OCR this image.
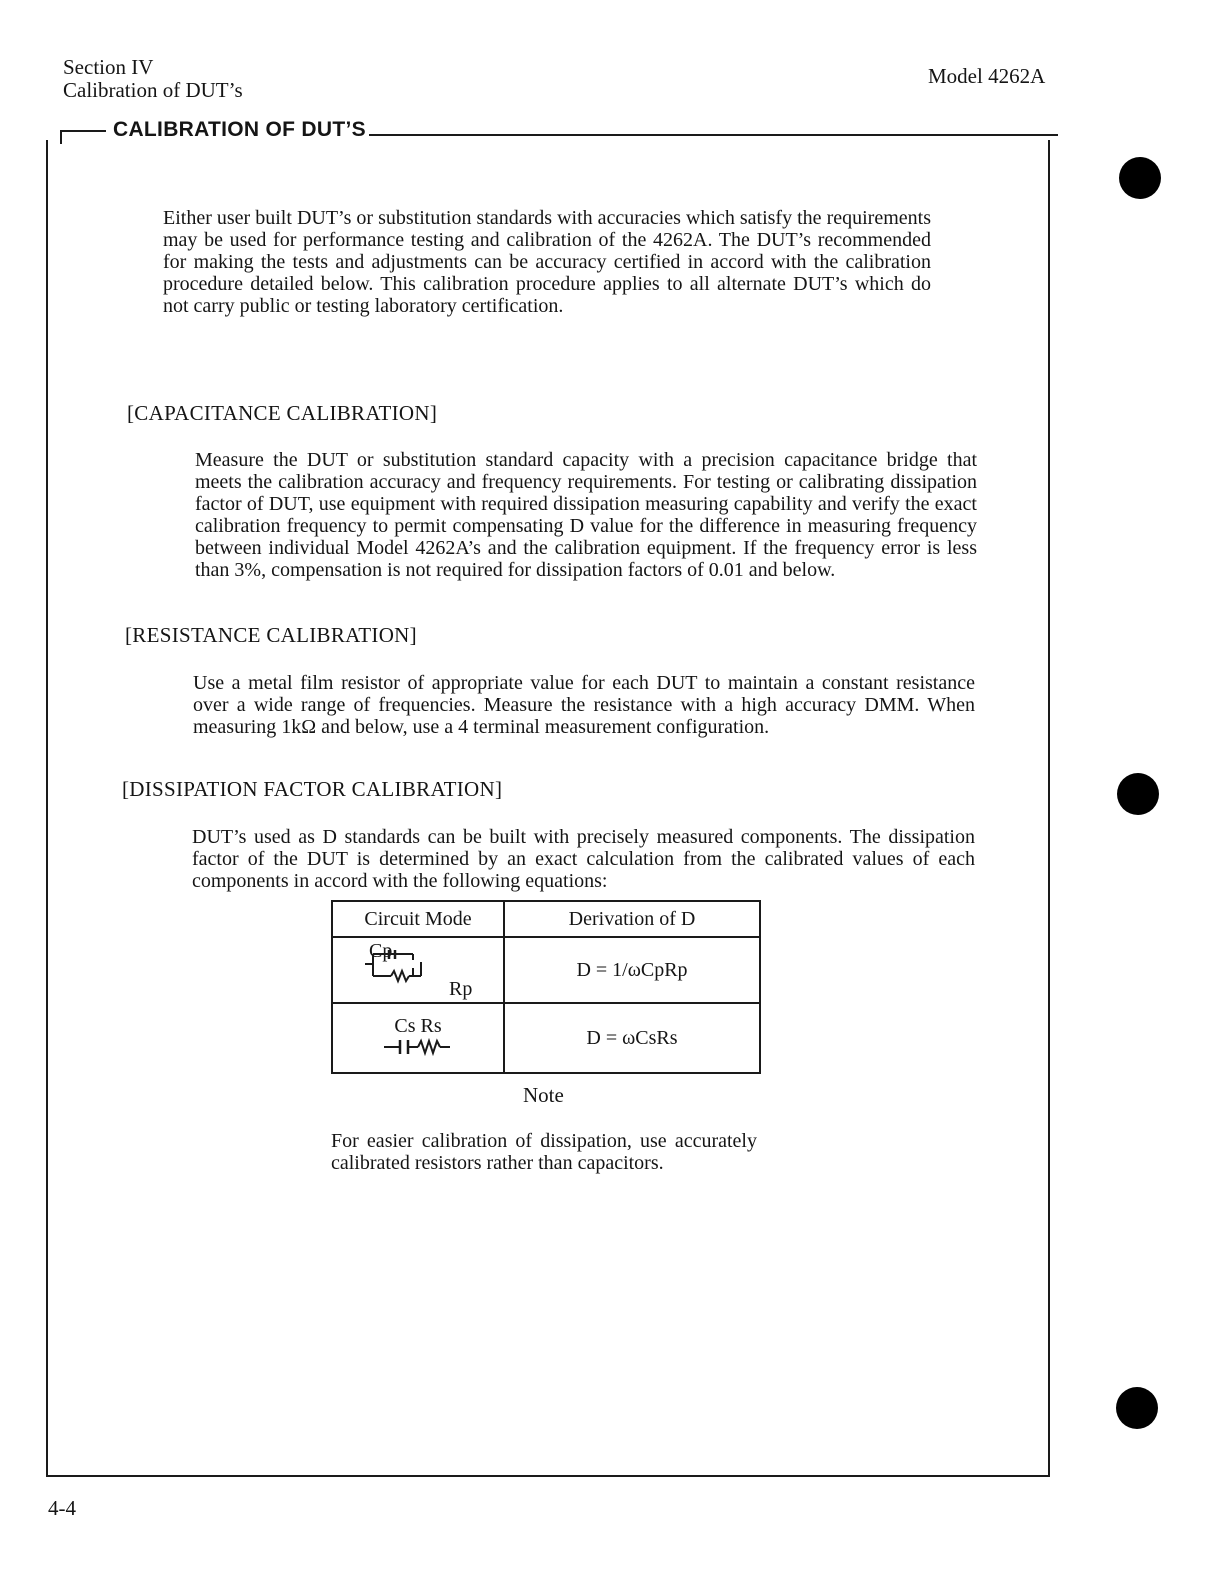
Section IV
Calibration of DUT’s
Model 4262A
CALIBRATION OF DUT’S
Either user built DUT’s or substitution standards with accuracies which satisfy the requirements may be used for performance testing and calibration of the 4262A. The DUT’s recommended for making the tests and adjustments can be accuracy certified in accord with the calibration procedure detailed below. This calibration procedure applies to all alternate DUT’s which do not carry public or testing laboratory certification.
[CAPACITANCE CALIBRATION]
Measure the DUT or substitution standard capacity with a precision capacitance bridge that meets the calibration accuracy and frequency requirements. For testing or calibrating dissipation factor of DUT, use equipment with required dissipation measuring capability and verify the exact calibration frequency to permit compensating D value for the difference in measuring frequency between individual Model 4262A’s and the calibration equipment. If the frequency error is less than 3%, compensation is not required for dissipation factors of 0.01 and below.
[RESISTANCE CALIBRATION]
Use a metal film resistor of appropriate value for each DUT to maintain a constant resistance over a wide range of frequencies. Measure the resistance with a high accuracy DMM. When measuring 1kΩ and below, use a 4 terminal measurement configuration.
[DISSIPATION FACTOR CALIBRATION]
DUT’s used as D standards can be built with precisely measured components. The dissipation factor of the DUT is determined by an exact calculation from the calibrated values of each components in accord with the following equations:
Circuit Mode	Derivation of D

Cp
Rp	D = 1/ωCpRp

Cs Rs	D = ωCsRs
Note
For easier calibration of dissipation, use accurately calibrated resistors rather than capacitors.
4-4
